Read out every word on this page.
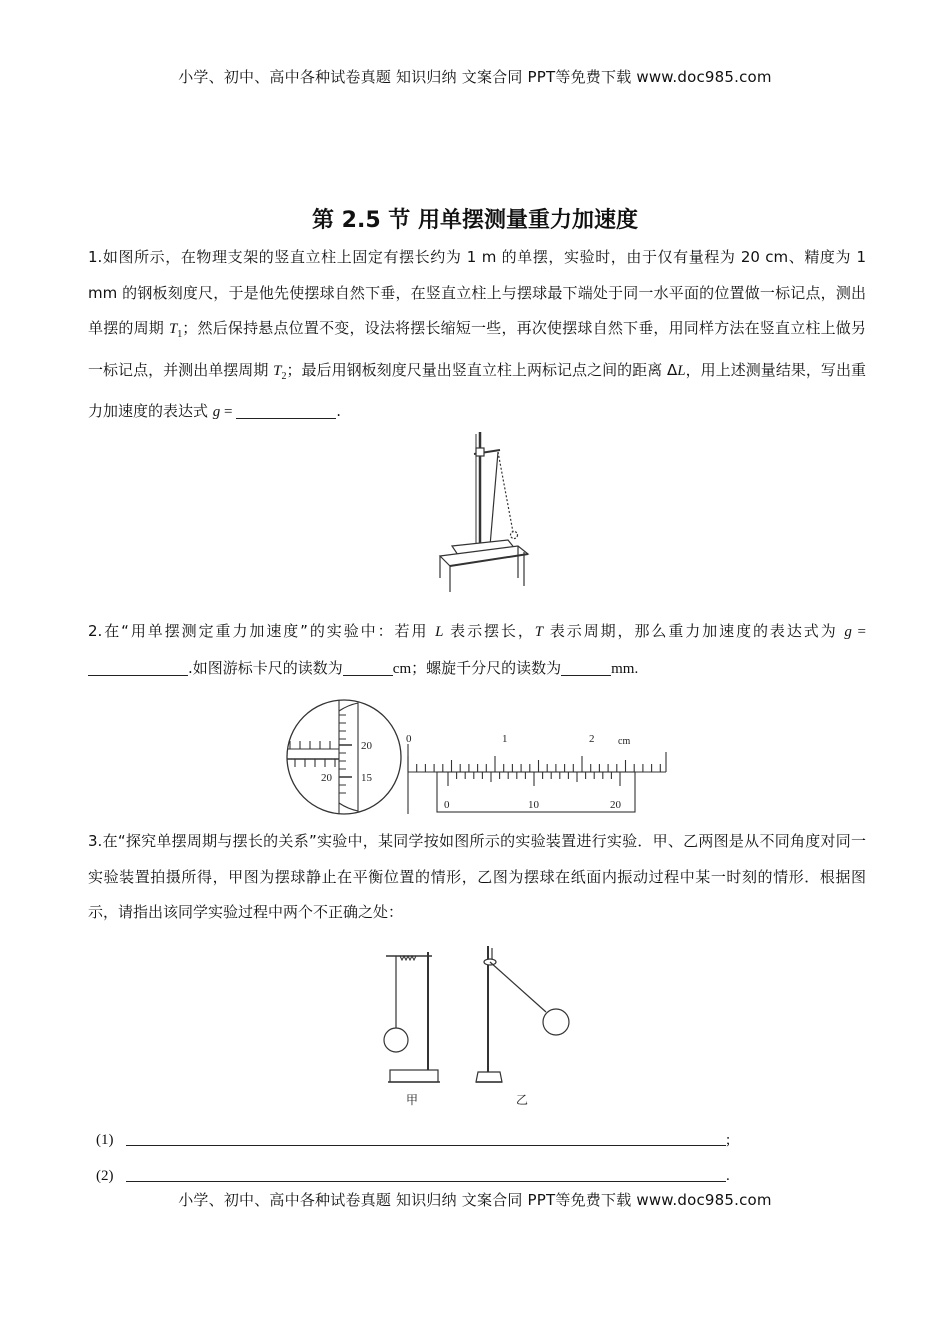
小学、初中、高中各种试卷真题 知识归纳 文案合同 PPT等免费下载 www.doc985.com
第 2.5 节 用单摆测量重力加速度
1.如图所示，在物理支架的竖直立柱上固定有摆长约为 1 m 的单摆，实验时，由于仅有量程为 20 cm、精度为 1 mm 的钢板刻度尺，于是他先使摆球自然下垂，在竖直立柱上与摆球最下端处于同一水平面的位置做一标记点，测出单摆的周期 $T_1$；然后保持悬点位置不变，设法将摆长缩短一些，再次使摆球自然下垂，用同样方法在竖直立柱上做另一标记点，并测出单摆周期 $T_2$；最后用钢板刻度尺量出竖直立柱上两标记点之间的距离 ΔL，用上述测量结果，写出重力加速度的表达式 g =	.
2.在“用单摆测定重力加速度”的实验中：若用 L 表示摆长，T 表示周期，那么重力加速度的表达式为 g = .如图游标卡尺的读数为	cm；螺旋千分尺的读数为	mm.
20
15
20
0	1	2 cm
0	10	20
3.在“探究单摆周期与摆长的关系”实验中，某同学按如图所示的实验装置进行实验．甲、乙两图是从不同角度对同一实验装置拍摄所得，甲图为摆球静止在平衡位置的情形，乙图为摆球在纸面内振动过程中某一时刻的情形．根据图示，请指出该同学实验过程中两个不正确之处：
甲	乙
(1)	;
(2)	.
小学、初中、高中各种试卷真题 知识归纳 文案合同 PPT等免费下载 www.doc985.com
